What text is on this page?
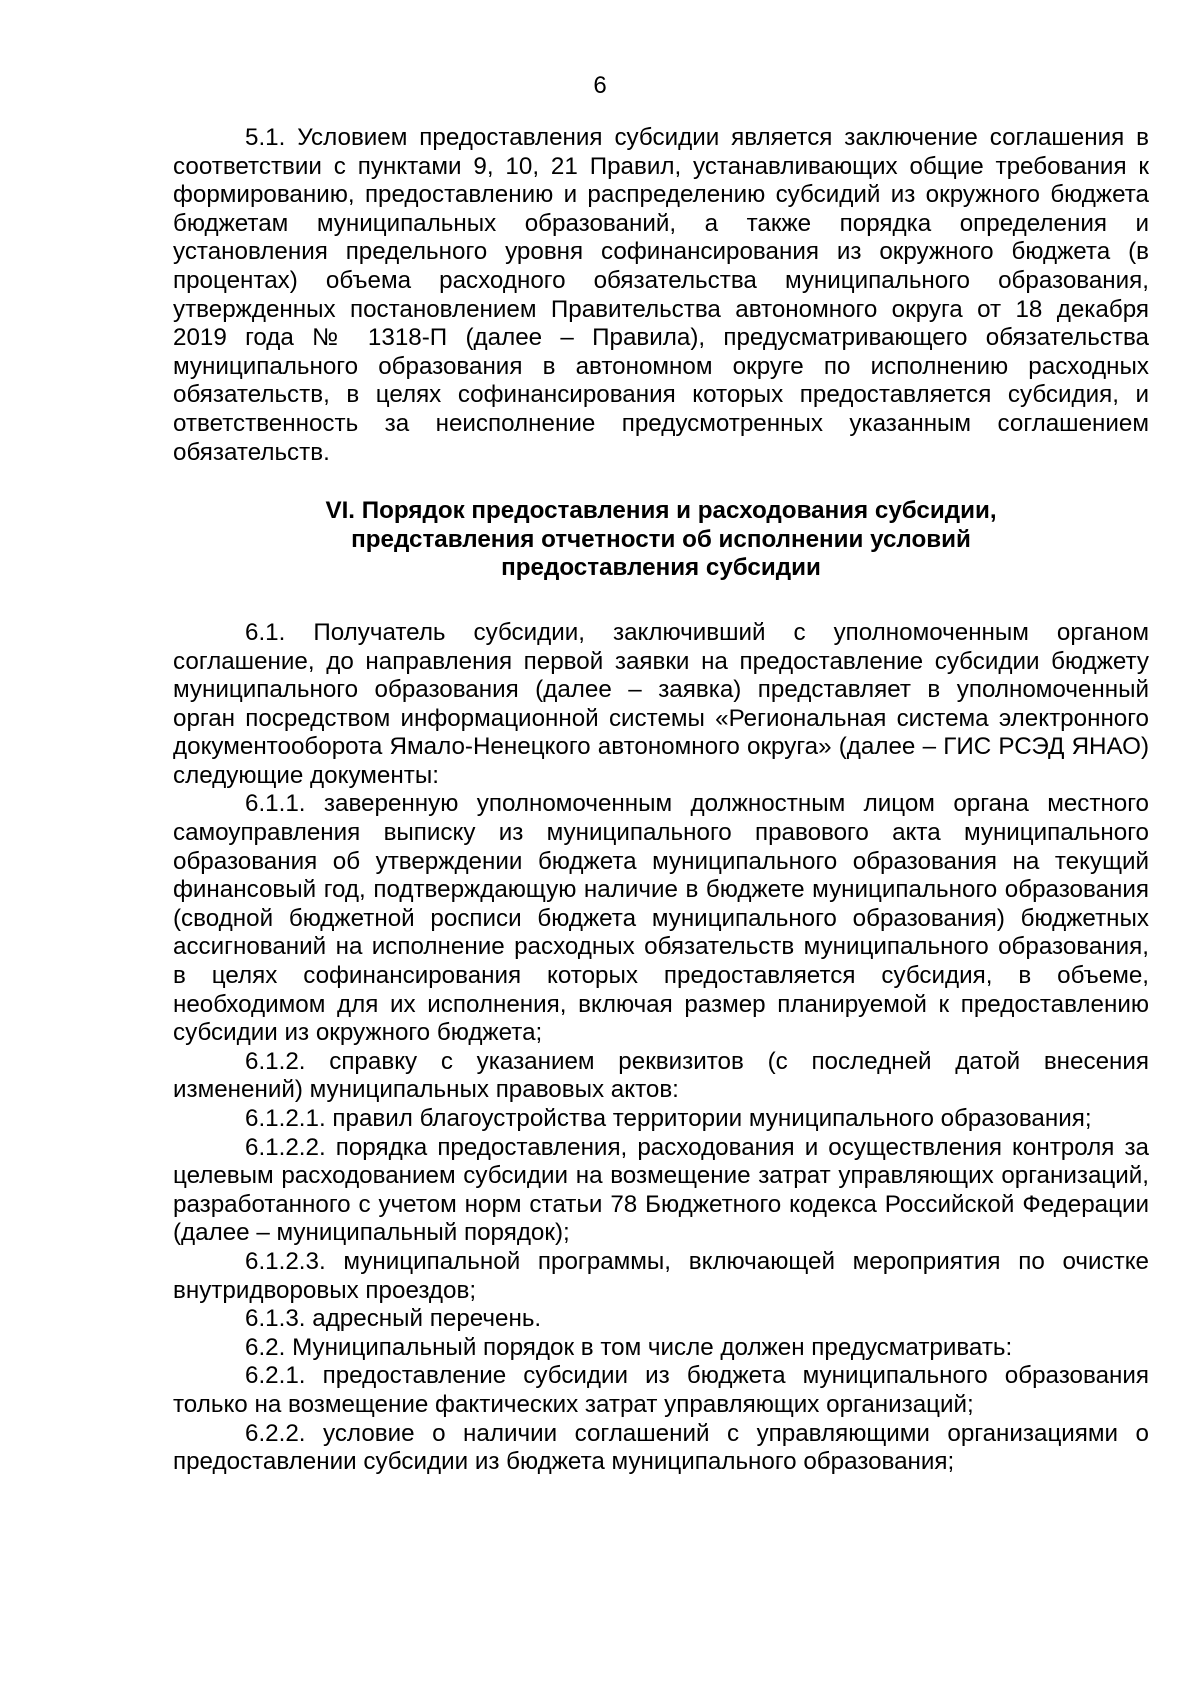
6

5.1. Условием предоставления субсидии является заключение соглашения в соответствии с пунктами 9, 10, 21 Правил, устанавливающих общие требования к формированию, предоставлению и распределению субсидий из окружного бюджета бюджетам муниципальных образований, а также порядка определения и установления предельного уровня софинансирования из окружного бюджета (в процентах) объема расходного обязательства муниципального образования, утвержденных постановлением Правительства автономного округа от 18 декабря 2019 года № 1318-П (далее – Правила), предусматривающего обязательства муниципального образования в автономном округе по исполнению расходных обязательств, в целях софинансирования которых предоставляется субсидия, и ответственность за неисполнение предусмотренных указанным соглашением обязательств.

VI. Порядок предоставления и расходования субсидии,
представления отчетности об исполнении условий
предоставления субсидии

6.1. Получатель субсидии, заключивший с уполномоченным органом соглашение, до направления первой заявки на предоставление субсидии бюджету муниципального образования (далее – заявка) представляет в уполномоченный орган посредством информационной системы «Региональная система электронного документооборота Ямало-Ненецкого автономного округа» (далее – ГИС РСЭД ЯНАО) следующие документы:

6.1.1. заверенную уполномоченным должностным лицом органа местного самоуправления выписку из муниципального правового акта муниципального образования об утверждении бюджета муниципального образования на текущий финансовый год, подтверждающую наличие в бюджете муниципального образования (сводной бюджетной росписи бюджета муниципального образования) бюджетных ассигнований на исполнение расходных обязательств муниципального образования, в целях софинансирования которых предоставляется субсидия, в объеме, необходимом для их исполнения, включая размер планируемой к предоставлению субсидии из окружного бюджета;

6.1.2. справку с указанием реквизитов (с последней датой внесения изменений) муниципальных правовых актов:

6.1.2.1. правил благоустройства территории муниципального образования;

6.1.2.2. порядка предоставления, расходования и осуществления контроля за целевым расходованием субсидии на возмещение затрат управляющих организаций, разработанного с учетом норм статьи 78 Бюджетного кодекса Российской Федерации (далее – муниципальный порядок);

6.1.2.3. муниципальной программы, включающей мероприятия по очистке внутридворовых проездов;

6.1.3. адресный перечень.

6.2. Муниципальный порядок в том числе должен предусматривать:

6.2.1. предоставление субсидии из бюджета муниципального образования только на возмещение фактических затрат управляющих организаций;

6.2.2. условие о наличии соглашений с управляющими организациями о предоставлении субсидии из бюджета муниципального образования;
